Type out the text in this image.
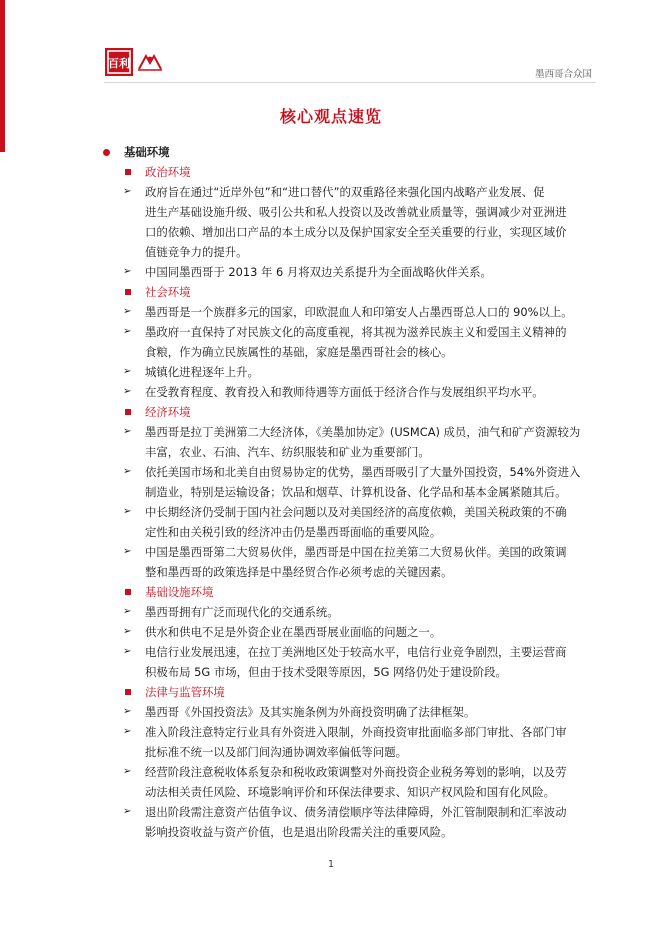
百利
墨西哥合众国
核心观点速览
基础环境
政治环境
➢ 政府旨在通过“近岸外包”和“进口替代”的双重路径来强化国内战略产业发展、促
进生产基础设施升级、吸引公共和私人投资以及改善就业质量等，强调减少对亚洲进
口的依赖、增加出口产品的本土成分以及保护国家安全至关重要的行业，实现区域价
值链竞争力的提升。
➢ 中国同墨西哥于 2013 年 6 月将双边关系提升为全面战略伙伴关系。
社会环境
➢ 墨西哥是一个族群多元的国家，印欧混血人和印第安人占墨西哥总人口的 90%以上。
➢ 墨政府一直保持了对民族文化的高度重视，将其视为滋养民族主义和爱国主义精神的
食粮，作为确立民族属性的基础，家庭是墨西哥社会的核心。
➢ 城镇化进程逐年上升。
➢ 在受教育程度、教育投入和教师待遇等方面低于经济合作与发展组织平均水平。
经济环境
➢ 墨西哥是拉丁美洲第二大经济体，《美墨加协定》(USMCA) 成员，油气和矿产资源较为
丰富，农业、石油、汽车、纺织服装和矿业为重要部门。
➢ 依托美国市场和北美自由贸易协定的优势，墨西哥吸引了大量外国投资，54%外资进入
制造业，特别是运输设备；饮品和烟草、计算机设备、化学品和基本金属紧随其后。
➢ 中长期经济仍受制于国内社会问题以及对美国经济的高度依赖，美国关税政策的不确
定性和由关税引致的经济冲击仍是墨西哥面临的重要风险。
➢ 中国是墨西哥第二大贸易伙伴，墨西哥是中国在拉美第二大贸易伙伴。美国的政策调
整和墨西哥的政策选择是中墨经贸合作必须考虑的关键因素。
基础设施环境
➢ 墨西哥拥有广泛而现代化的交通系统。
➢ 供水和供电不足是外资企业在墨西哥展业面临的问题之一。
➢ 电信行业发展迅速，在拉丁美洲地区处于较高水平，电信行业竞争剧烈，主要运营商
积极布局 5G 市场，但由于技术受限等原因，5G 网络仍处于建设阶段。
法律与监管环境
➢ 墨西哥《外国投资法》及其实施条例为外商投资明确了法律框架。
➢ 准入阶段注意特定行业具有外资进入限制，外商投资审批面临多部门审批、各部门审
批标准不统一以及部门间沟通协调效率偏低等问题。
➢ 经营阶段注意税收体系复杂和税收政策调整对外商投资企业税务筹划的影响，以及劳
动法相关责任风险、环境影响评价和环保法律要求、知识产权风险和国有化风险。
➢ 退出阶段需注意资产估值争议、债务清偿顺序等法律障碍，外汇管制限制和汇率波动
影响投资收益与资产价值，也是退出阶段需关注的重要风险。
1
